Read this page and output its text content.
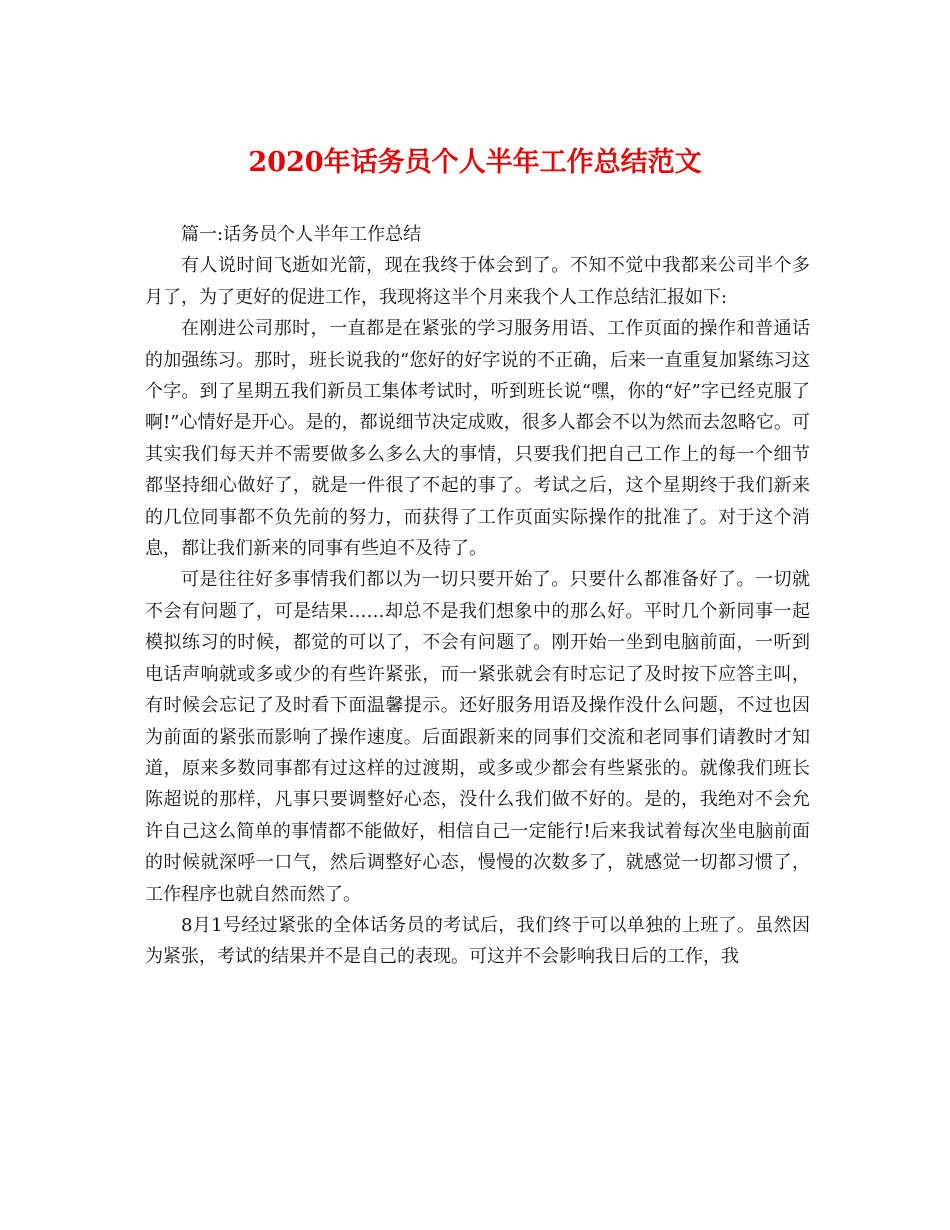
2020年话务员个人半年工作总结范文

篇一:话务员个人半年工作总结

有人说时间飞逝如光箭，现在我终于体会到了。不知不觉中我都来公司半个多月了，为了更好的促进工作，我现将这半个月来我个人工作总结汇报如下:

在刚进公司那时，一直都是在紧张的学习服务用语、工作页面的操作和普通话的加强练习。那时，班长说我的“您好的好字说的不正确，后来一直重复加紧练习这个字。到了星期五我们新员工集体考试时，听到班长说“嘿，你的“好”字已经克服了啊!”心情好是开心。是的，都说细节决定成败，很多人都会不以为然而去忽略它。可其实我们每天并不需要做多么多么大的事情，只要我们把自己工作上的每一个细节都坚持细心做好了，就是一件很了不起的事了。考试之后，这个星期终于我们新来的几位同事都不负先前的努力，而获得了工作页面实际操作的批准了。对于这个消息，都让我们新来的同事有些迫不及待了。

可是往往好多事情我们都以为一切只要开始了。只要什么都准备好了。一切就不会有问题了，可是结果……却总不是我们想象中的那么好。平时几个新同事一起模拟练习的时候，都觉的可以了，不会有问题了。刚开始一坐到电脑前面，一听到电话声响就或多或少的有些许紧张，而一紧张就会有时忘记了及时按下应答主叫，有时候会忘记了及时看下面温馨提示。还好服务用语及操作没什么问题，不过也因为前面的紧张而影响了操作速度。后面跟新来的同事们交流和老同事们请教时才知道，原来多数同事都有过这样的过渡期，或多或少都会有些紧张的。就像我们班长陈超说的那样，凡事只要调整好心态，没什么我们做不好的。是的，我绝对不会允许自己这么简单的事情都不能做好，相信自己一定能行!后来我试着每次坐电脑前面的时候就深呼一口气，然后调整好心态，慢慢的次数多了，就感觉一切都习惯了，工作程序也就自然而然了。

8月1号经过紧张的全体话务员的考试后，我们终于可以单独的上班了。虽然因为紧张，考试的结果并不是自己的表现。可这并不会影响我日后的工作，我
